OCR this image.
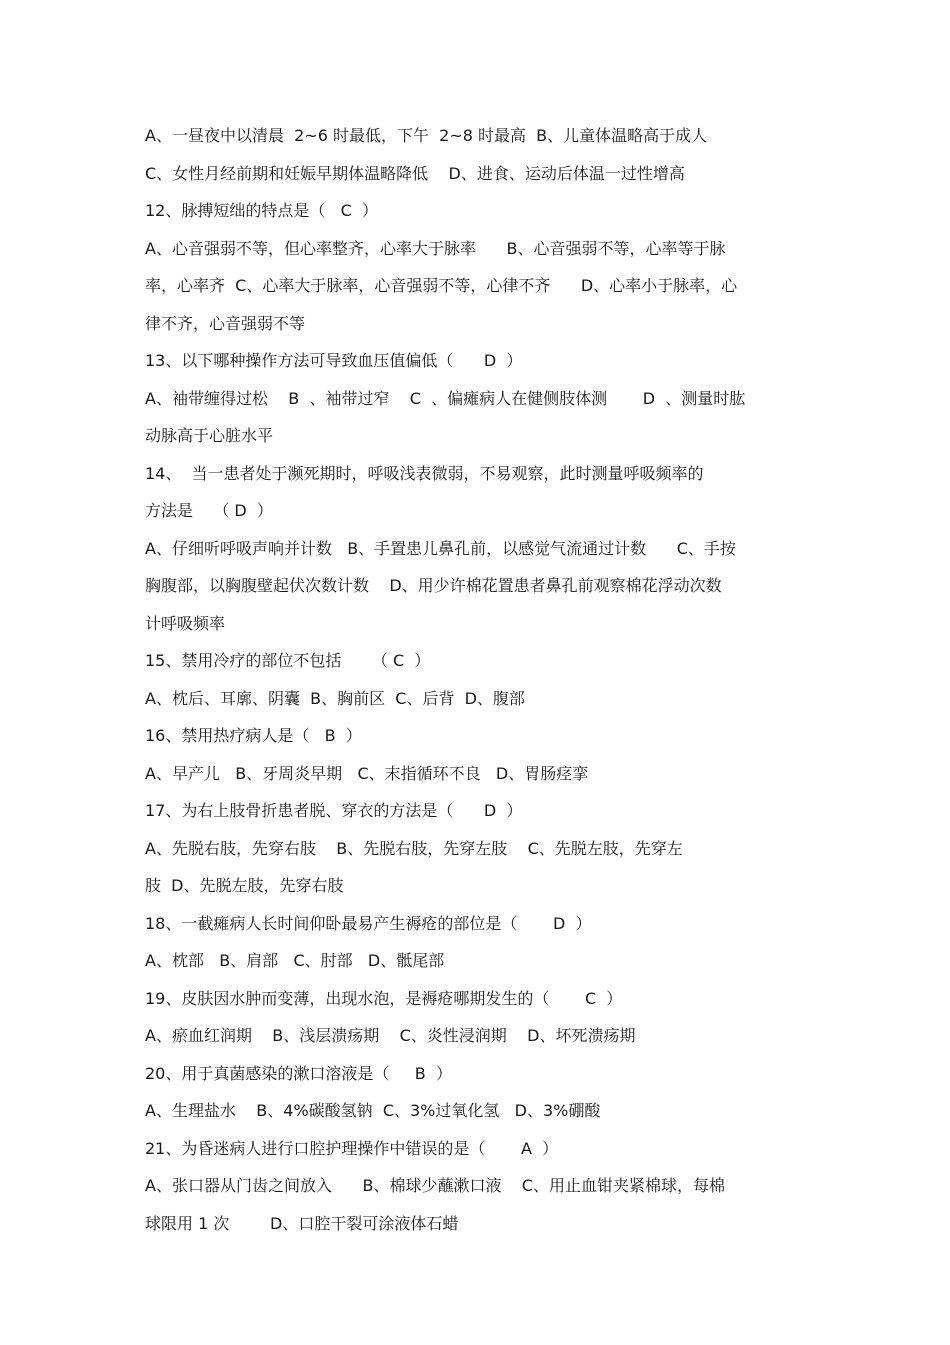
A、一昼夜中以清晨  2~6 时最低，下午  2~8 时最高  B、儿童体温略高于成人
C、女性月经前期和妊娠早期体温略降低    D、进食、运动后体温一过性增高
12、脉搏短绌的特点是（   C  ）
A、心音强弱不等，但心率整齐，心率大于脉率      B、心音强弱不等，心率等于脉
率，心率齐  C、心率大于脉率，心音强弱不等，心律不齐      D、心率小于脉率，心
律不齐，心音强弱不等
13、以下哪种操作方法可导致血压值偏低（      D  ）
A、袖带缠得过松    B  、袖带过窄    C  、偏瘫病人在健侧肢体测       D  、测量时肱
动脉高于心脏水平
14、  当一患者处于濒死期时，呼吸浅表微弱，不易观察，此时测量呼吸频率的
方法是    （ D  ）
A、仔细听呼吸声响并计数   B、手置患儿鼻孔前，以感觉气流通过计数      C、手按
胸腹部，以胸腹壁起伏次数计数    D、用少许棉花置患者鼻孔前观察棉花浮动次数
计呼吸频率
15、禁用冷疗的部位不包括      （ C  ）
A、枕后、耳廓、阴囊  B、胸前区  C、后背  D、腹部
16、禁用热疗病人是（   B  ）
A、早产儿   B、牙周炎早期   C、末指循环不良   D、胃肠痉挛
17、为右上肢骨折患者脱、穿衣的方法是（      D  ）
A、先脱右肢，先穿右肢    B、先脱右肢，先穿左肢    C、先脱左肢，先穿左
肢  D、先脱左肢，先穿右肢
18、一截瘫病人长时间仰卧最易产生褥疮的部位是（       D  ）
A、枕部   B、肩部   C、肘部   D、骶尾部
19、皮肤因水肿而变薄，出现水泡，是褥疮哪期发生的（       C  ）
A、瘀血红润期    B、浅层溃疡期    C、炎性浸润期    D、坏死溃疡期
20、用于真菌感染的漱口溶液是（     B  ）
A、生理盐水    B、4%碳酸氢钠  C、3%过氧化氢   D、3%硼酸
21、为昏迷病人进行口腔护理操作中错误的是（       A  ）
A、张口器从门齿之间放入      B、棉球少蘸漱口液    C、用止血钳夹紧棉球，每棉
球限用 1 次        D、口腔干裂可涂液体石蜡
